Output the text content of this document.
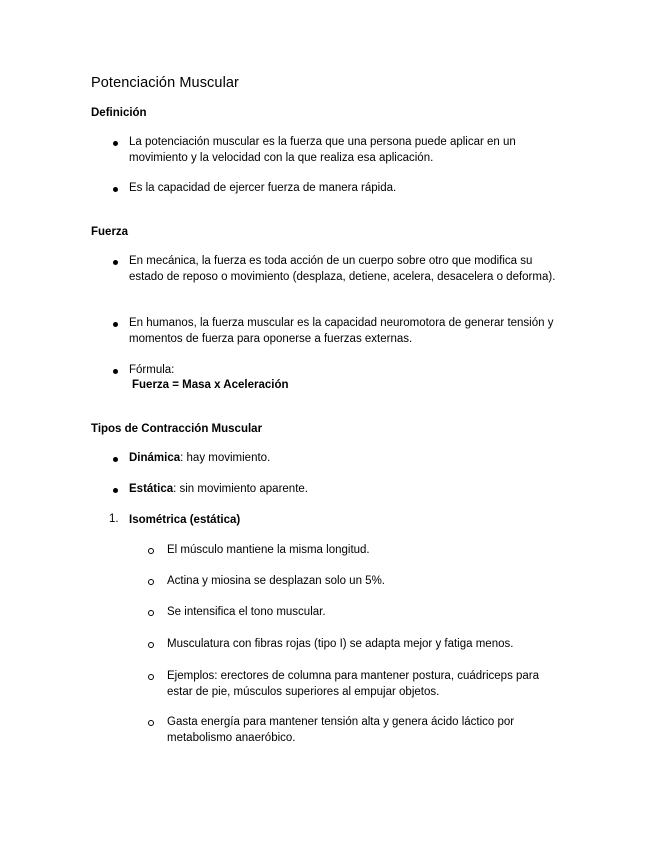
Potenciación Muscular
Definición
La potenciación muscular es la fuerza que una persona puede aplicar en un movimiento y la velocidad con la que realiza esa aplicación.
Es la capacidad de ejercer fuerza de manera rápida.
Fuerza
En mecánica, la fuerza es toda acción de un cuerpo sobre otro que modifica su estado de reposo o movimiento (desplaza, detiene, acelera, desacelera o deforma).
En humanos, la fuerza muscular es la capacidad neuromotora de generar tensión y momentos de fuerza para oponerse a fuerzas externas.
Fórmula:
Fuerza = Masa x Aceleración
Tipos de Contracción Muscular
Dinámica: hay movimiento.
Estática: sin movimiento aparente.
1. Isométrica (estática)
El músculo mantiene la misma longitud.
Actina y miosina se desplazan solo un 5%.
Se intensifica el tono muscular.
Musculatura con fibras rojas (tipo I) se adapta mejor y fatiga menos.
Ejemplos: erectores de columna para mantener postura, cuádriceps para estar de pie, músculos superiores al empujar objetos.
Gasta energía para mantener tensión alta y genera ácido láctico por metabolismo anaeróbico.
